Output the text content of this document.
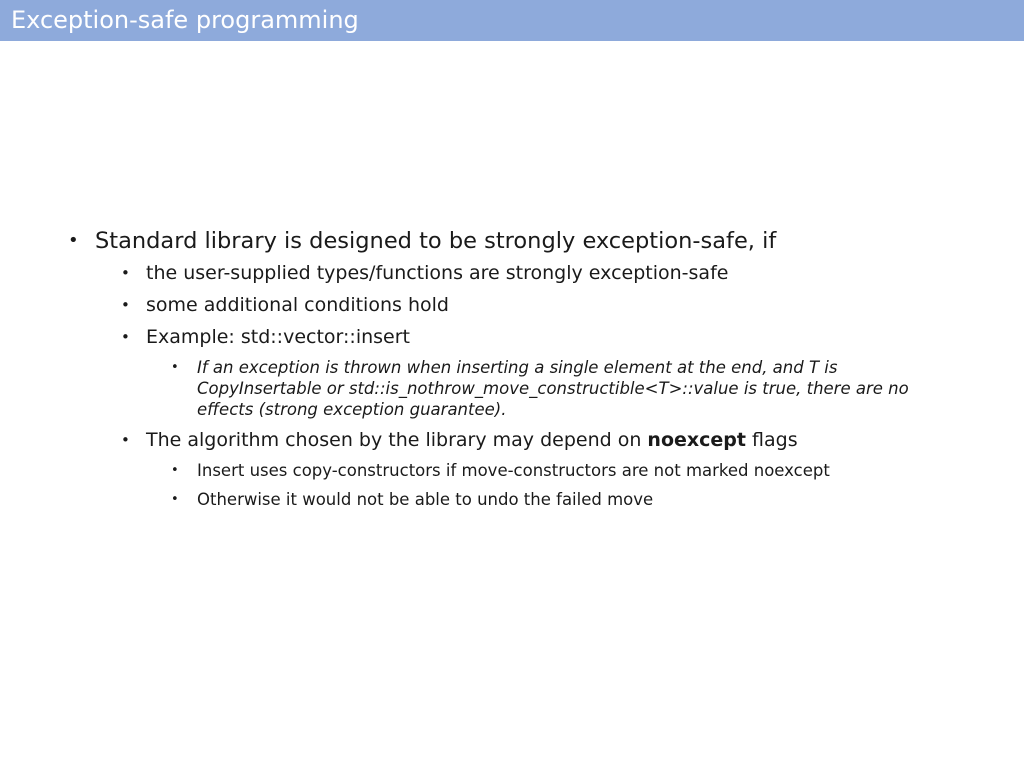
Exception-safe programming
• Standard library is designed to be strongly exception-safe, if
• the user-supplied types/functions are strongly exception-safe
• some additional conditions hold
• Example: std::vector::insert
• If an exception is thrown when inserting a single element at the end, and T is
CopyInsertable or std::is_nothrow_move_constructible<T>::value is true, there are no
effects (strong exception guarantee).
• The algorithm chosen by the library may depend on noexcept flags
• Insert uses copy-constructors if move-constructors are not marked noexcept
• Otherwise it would not be able to undo the failed move
